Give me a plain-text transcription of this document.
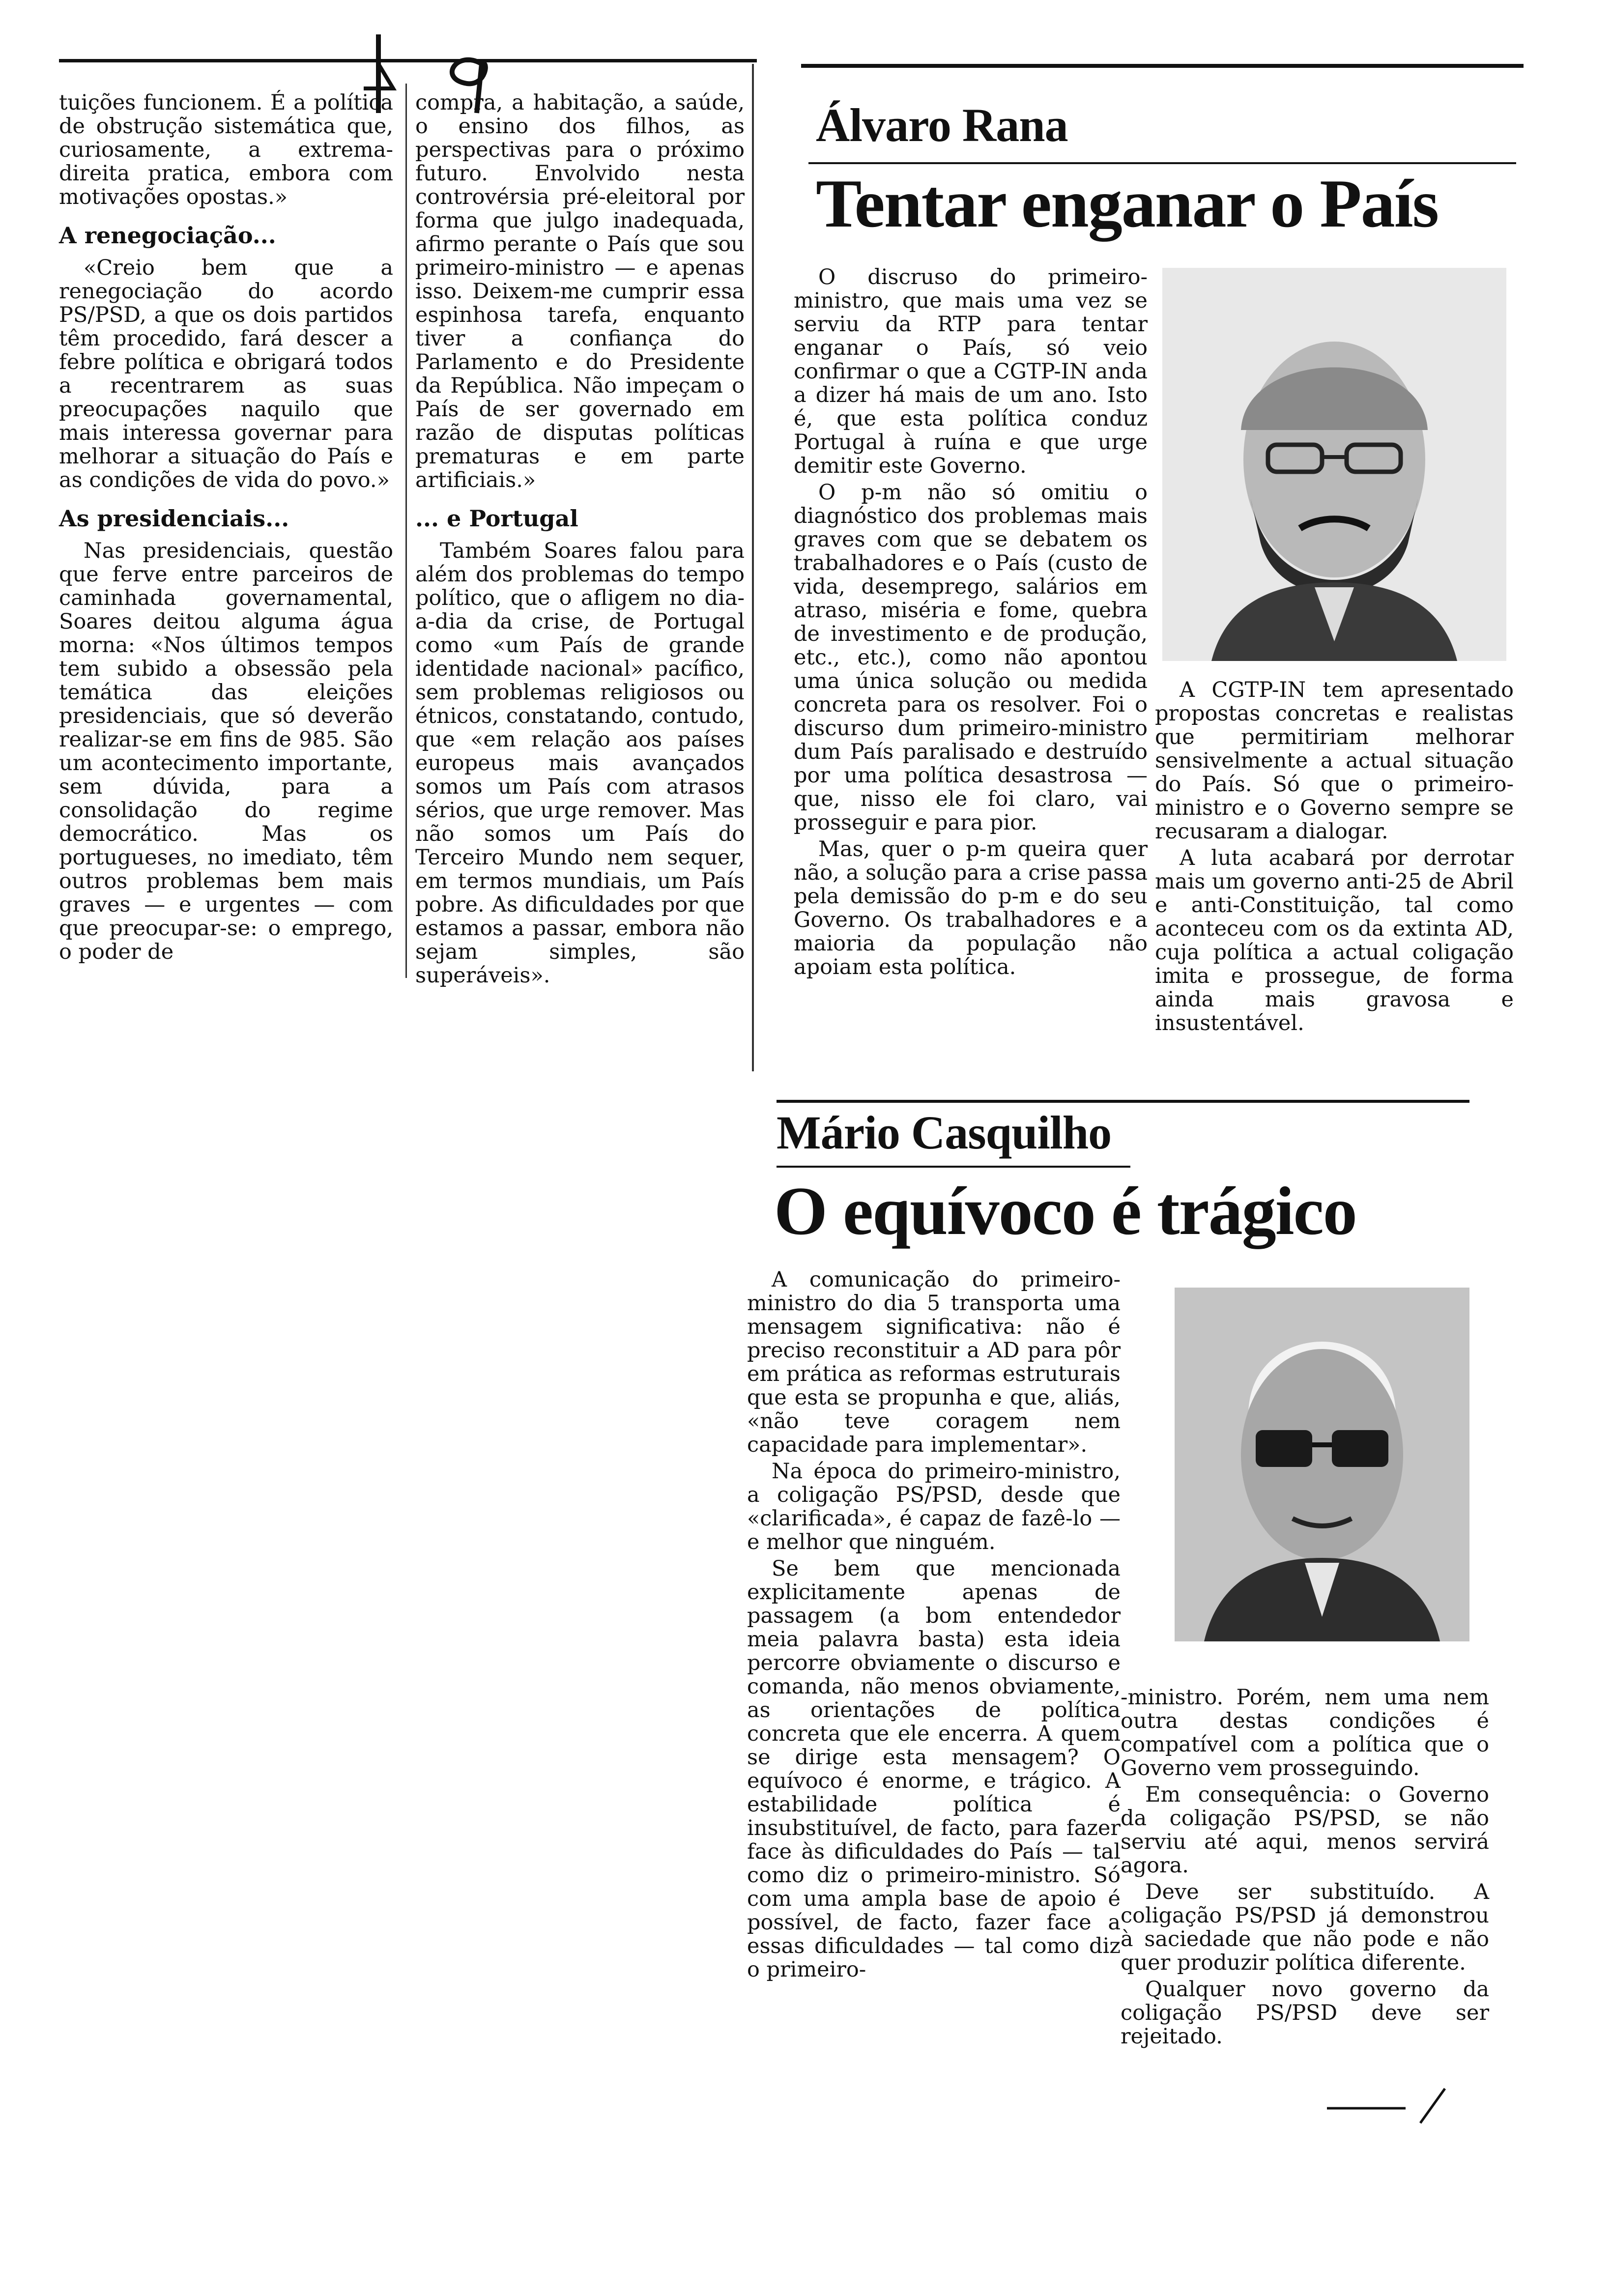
tuições funcionem. É a política de obstrução sistemática que, curiosamente, a extrema-direita pratica, embora com motivações opostas.»

A renegociação...

«Creio bem que a renegociação do acordo PS/PSD, a que os dois partidos têm procedido, fará descer a febre política e obrigará todos a recentrarem as suas preocupações naquilo que mais interessa governar para melhorar a situação do País e as condições de vida do povo.»

As presidenciais...

Nas presidenciais, questão que ferve entre parceiros de caminhada governamental, Soares deitou alguma água morna: «Nos últimos tempos tem subido a obsessão pela temática das eleições presidenciais, que só deverão realizar-se em fins de 985. São um acontecimento importante, sem dúvida, para a consolidação do regime democrático. Mas os portugueses, no imediato, têm outros problemas bem mais graves — e urgentes — com que preocupar-se: o emprego, o poder de

compra, a habitação, a saúde, o ensino dos filhos, as perspectivas para o próximo futuro. Envolvido nesta controvérsia pré-eleitoral por forma que julgo inadequada, afirmo perante o País que sou primeiro-ministro — e apenas isso. Deixem-me cumprir essa espinhosa tarefa, enquanto tiver a confiança do Parlamento e do Presidente da República. Não impeçam o País de ser governado em razão de disputas políticas prematuras e em parte artificiais.»

... e Portugal

Também Soares falou para além dos problemas do tempo político, que o afligem no dia-a-dia da crise, de Portugal como «um País de grande identidade nacional» pacífico, sem problemas religiosos ou étnicos, constatando, contudo, que «em relação aos países europeus mais avançados somos um País com atrasos sérios, que urge remover. Mas não somos um País do Terceiro Mundo nem sequer, em termos mundiais, um País pobre. As dificuldades por que estamos a passar, embora não sejam simples, são superáveis».

Álvaro Rana
Tentar enganar o País

O discruso do primeiro-ministro, que mais uma vez se serviu da RTP para tentar enganar o País, só veio confirmar o que a CGTP-IN anda a dizer há mais de um ano. Isto é, que esta política conduz Portugal à ruína e que urge demitir este Governo.

O p-m não só omitiu o diagnóstico dos problemas mais graves com que se debatem os trabalhadores e o País (custo de vida, desemprego, salários em atraso, miséria e fome, quebra de investimento e de produção, etc., etc.), como não apontou uma única solução ou medida concreta para os resolver. Foi o discurso dum primeiro-ministro dum País paralisado e destruído por uma política desastrosa — que, nisso ele foi claro, vai prosseguir e para pior.

Mas, quer o p-m queira quer não, a solução para a crise passa pela demissão do p-m e do seu Governo. Os trabalhadores e a maioria da população não apoiam esta política.

A CGTP-IN tem apresentado propostas concretas e realistas que permitiriam melhorar sensivelmente a actual situação do País. Só que o primeiro-ministro e o Governo sempre se recusaram a dialogar.

A luta acabará por derrotar mais um governo anti-25 de Abril e anti-Constituição, tal como aconteceu com os da extinta AD, cuja política a actual coligação imita e prossegue, de forma ainda mais gravosa e insustentável.

Mário Casquilho
O equívoco é trágico

A comunicação do primeiro-ministro do dia 5 transporta uma mensagem significativa: não é preciso reconstituir a AD para pôr em prática as reformas estruturais que esta se propunha e que, aliás, «não teve coragem nem capacidade para implementar».

Na época do primeiro-ministro, a coligação PS/PSD, desde que «clarificada», é capaz de fazê-lo — e melhor que ninguém.

Se bem que mencionada explicitamente apenas de passagem (a bom entendedor meia palavra basta) esta ideia percorre obviamente o discurso e comanda, não menos obviamente, as orientações de política concreta que ele encerra. A quem se dirige esta mensagem? O equívoco é enorme, e trágico. A estabilidade política é insubstituível, de facto, para fazer face às dificuldades do País — tal como diz o primeiro-ministro. Só com uma ampla base de apoio é possível, de facto, fazer face a essas dificuldades — tal como diz o primeiro-

-ministro. Porém, nem uma nem outra destas condições é compatível com a política que o Governo vem prosseguindo.

Em consequência: o Governo da coligação PS/PSD, se não serviu até aqui, menos servirá agora.

Deve ser substituído. A coligação PS/PSD já demonstrou à saciedade que não pode e não quer produzir política diferente.

Qualquer novo governo da coligação PS/PSD deve ser rejeitado.
